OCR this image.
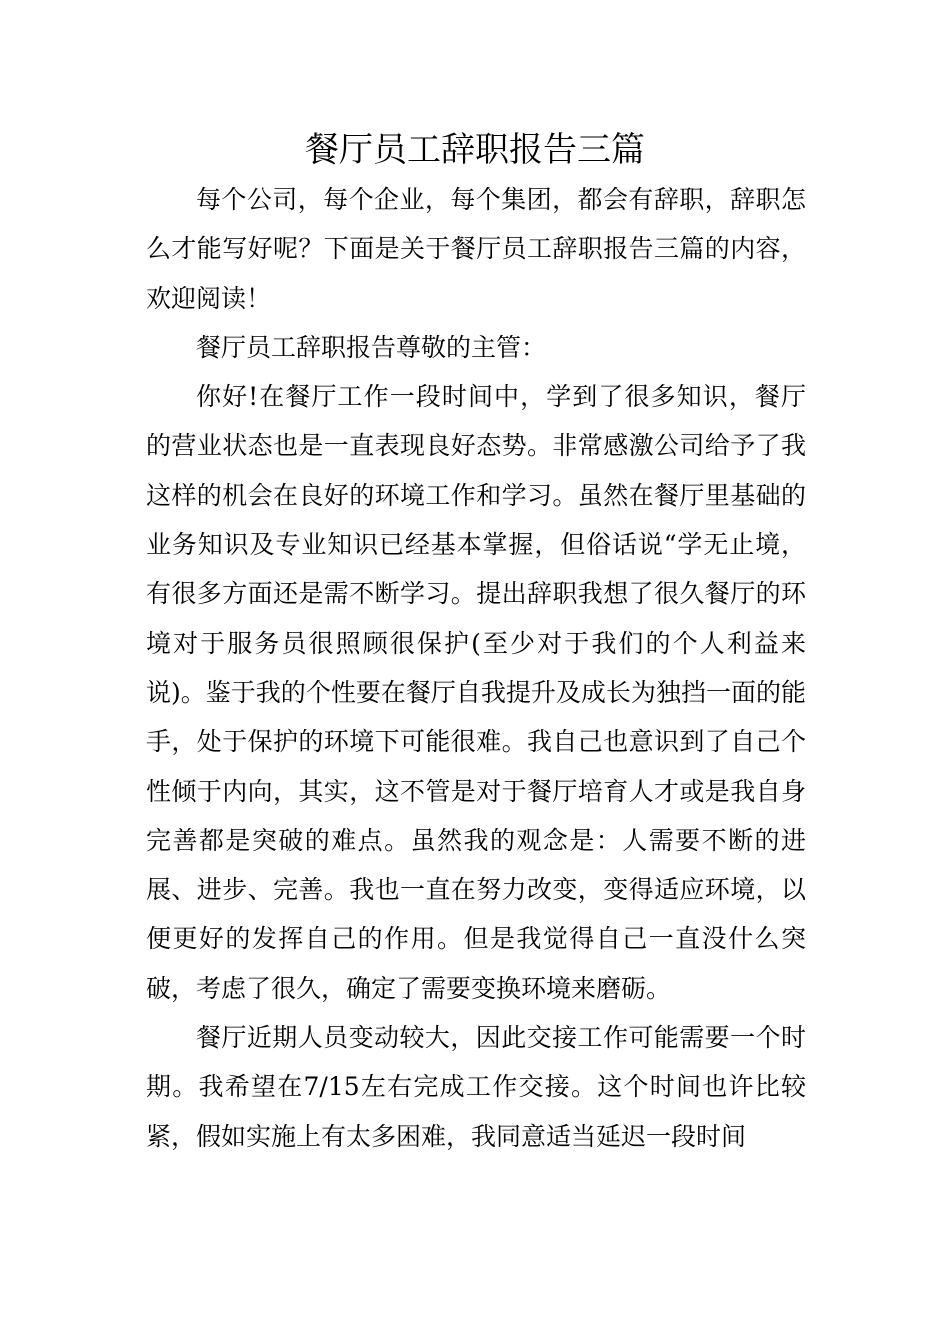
餐厅员工辞职报告三篇

每个公司，每个企业，每个集团，都会有辞职，辞职怎么才能写好呢？下面是关于餐厅员工辞职报告三篇的内容，欢迎阅读！

餐厅员工辞职报告尊敬的主管：

你好!在餐厅工作一段时间中，学到了很多知识，餐厅的营业状态也是一直表现良好态势。非常感激公司给予了我这样的机会在良好的环境工作和学习。虽然在餐厅里基础的业务知识及专业知识已经基本掌握，但俗话说“学无止境，有很多方面还是需不断学习。提出辞职我想了很久餐厅的环境对于服务员很照顾很保护(至少对于我们的个人利益来说)。鉴于我的个性要在餐厅自我提升及成长为独挡一面的能手，处于保护的环境下可能很难。我自己也意识到了自己个性倾于内向，其实，这不管是对于餐厅培育人才或是我自身完善都是突破的难点。虽然我的观念是：人需要不断的进展、进步、完善。我也一直在努力改变，变得适应环境，以便更好的发挥自己的作用。但是我觉得自己一直没什么突破，考虑了很久，确定了需要变换环境来磨砺。

餐厅近期人员变动较大，因此交接工作可能需要一个时期。我希望在7/15左右完成工作交接。这个时间也许比较紧，假如实施上有太多困难，我同意适当延迟一段时间
